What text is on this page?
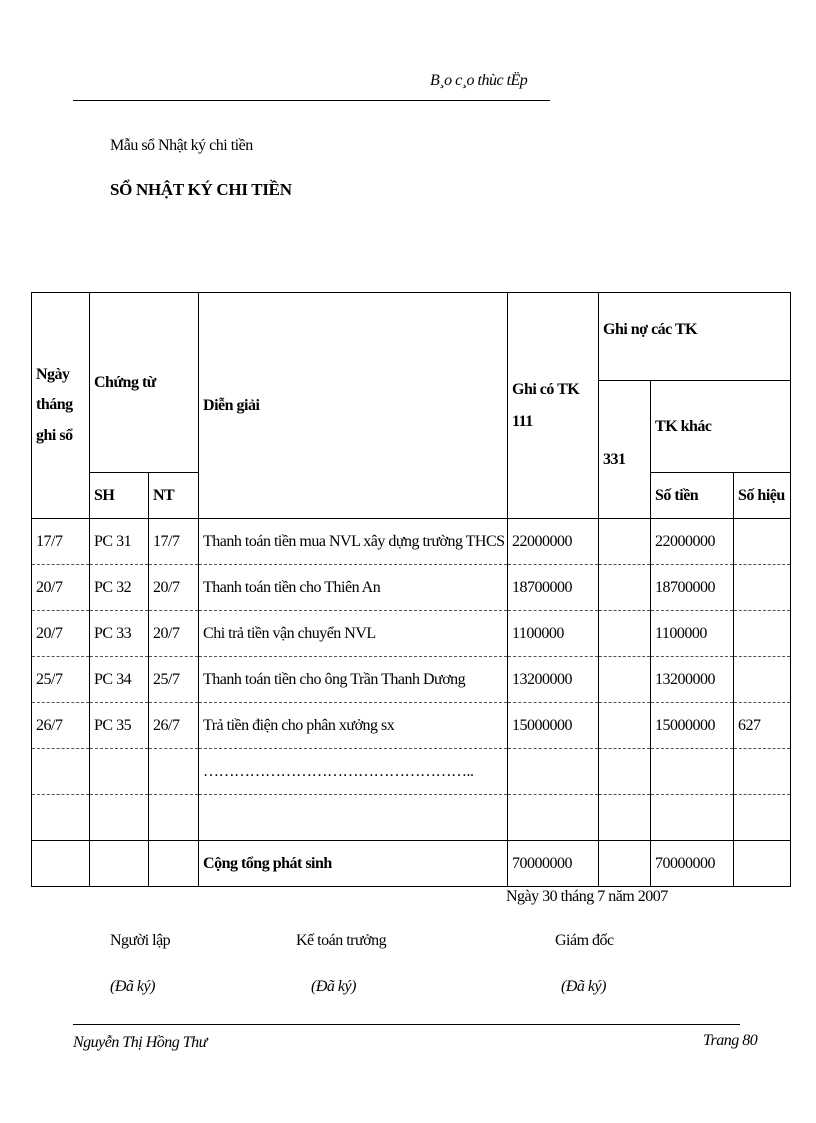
B¸o c¸o thùc tËp
Mẫu sổ Nhật ký chi tiền
SỔ NHẬT KÝ CHI TIỀN
Ngày tháng ghi sổ	Chứng từ		Diễn giải	Ghi có TK 111	Ghi nợ các TK		
					331	TK khác	
	SH	NT				Số tiền	Số hiệu
17/7	PC 31	17/7	Thanh toán tiền mua NVL xây dựng trường THCS	22000000		22000000	
20/7	PC 32	20/7	Thanh toán tiền cho Thiên An	18700000		18700000	
20/7	PC 33	20/7	Chi trả tiền vận chuyển NVL	1100000		1100000	
25/7	PC 34	25/7	Thanh toán tiền cho ông Trần Thanh Dương	13200000		13200000	
26/7	PC 35	26/7	Trả tiền điện cho phân xưởng sx	15000000		15000000	627
			……………………………………………..				

			Cộng tổng phát sinh	70000000		70000000	
Ngày 30 tháng 7 năm 2007
Người lập	Kế toán trưởng	Giám đốc
(Đã ký)	(Đã ký)	(Đã ký)
Nguyễn Thị Hồng Thư	Trang 80
